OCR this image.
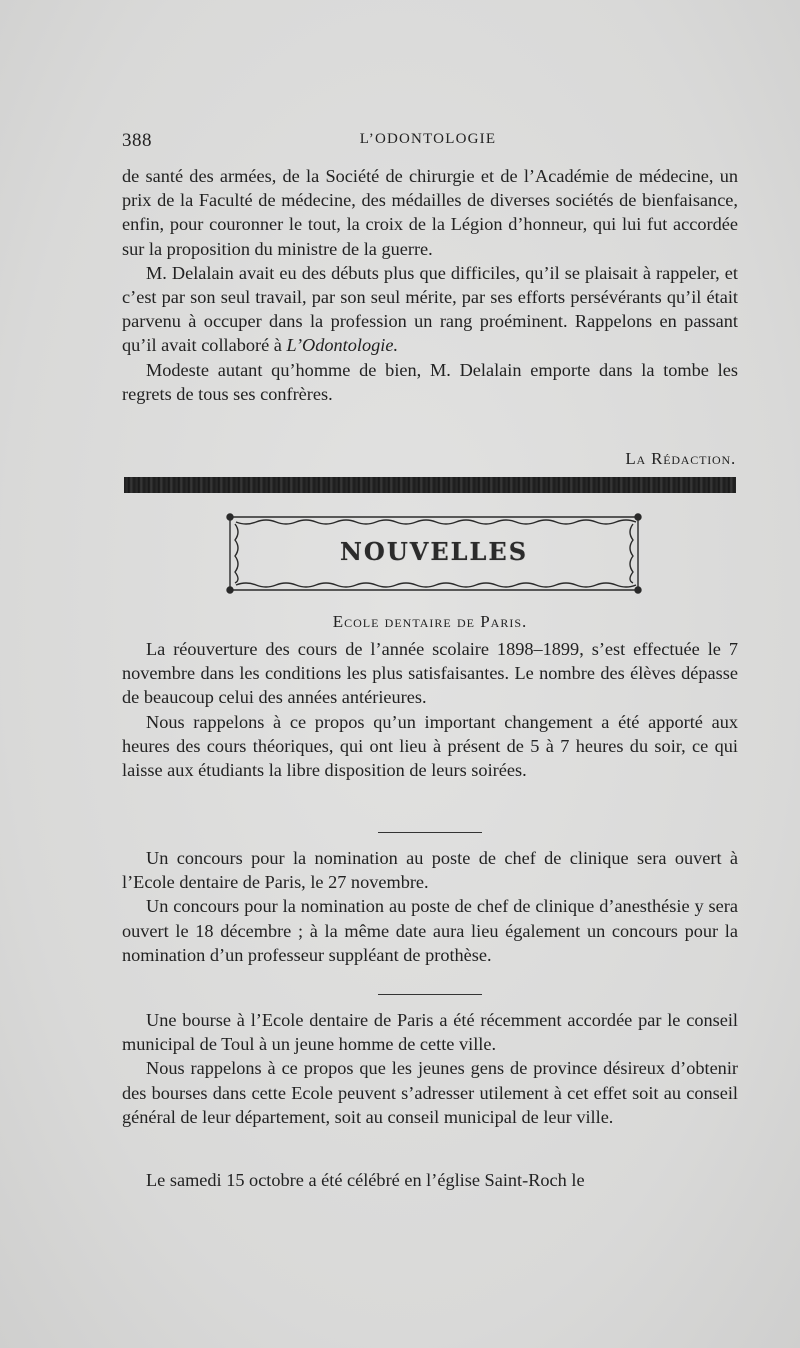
388	L’ODONTOLOGIE

de santé des armées, de la Société de chirurgie et de l’Académie de médecine, un prix de la Faculté de médecine, des médailles de diverses sociétés de bienfaisance, enfin, pour couronner le tout, la croix de la Légion d’honneur, qui lui fut accordée sur la proposition du ministre de la guerre.

M. Delalain avait eu des débuts plus que difficiles, qu’il se plaisait à rappeler, et c’est par son seul travail, par son seul mérite, par ses efforts persévérants qu’il était parvenu à occuper dans la profession un rang proéminent. Rappelons en passant qu’il avait collaboré à L’Odontologie.

Modeste autant qu’homme de bien, M. Delalain emporte dans la tombe les regrets de tous ses confrères.

La Rédaction.
NOUVELLES
Ecole dentaire de Paris.

La réouverture des cours de l’année scolaire 1898–1899, s’est effectuée le 7 novembre dans les conditions les plus satisfaisantes. Le nombre des élèves dépasse de beaucoup celui des années antérieures.

Nous rappelons à ce propos qu’un important changement a été apporté aux heures des cours théoriques, qui ont lieu à présent de 5 à 7 heures du soir, ce qui laisse aux étudiants la libre disposition de leurs soirées.

Un concours pour la nomination au poste de chef de clinique sera ouvert à l’Ecole dentaire de Paris, le 27 novembre.

Un concours pour la nomination au poste de chef de clinique d’anesthésie y sera ouvert le 18 décembre ; à la même date aura lieu également un concours pour la nomination d’un professeur suppléant de prothèse.

Une bourse à l’Ecole dentaire de Paris a été récemment accordée par le conseil municipal de Toul à un jeune homme de cette ville.

Nous rappelons à ce propos que les jeunes gens de province désireux d’obtenir des bourses dans cette Ecole peuvent s’adresser utilement à cet effet soit au conseil général de leur département, soit au conseil municipal de leur ville.

Le samedi 15 octobre a été célébré en l’église Saint-Roch le
